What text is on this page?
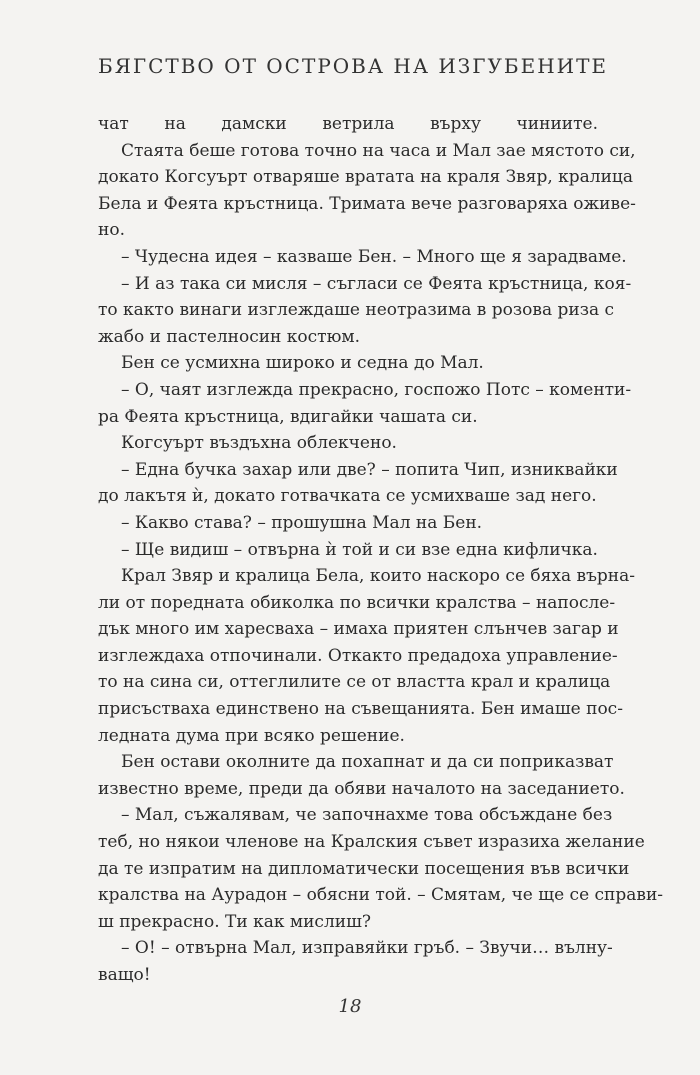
БЯГСТВО ОТ ОСТРОВА НА ИЗГУБЕНИТЕ
чат на дамски ветрила върху чиниите.
Стаята беше готова точно на часа и Мал зае мястото си,
докато Когсуърт отваряше вратата на краля Звяр, кралица
Бела и Феята кръстница. Тримата вече разговаряха оживе-
но.
– Чудесна идея – казваше Бен. – Много ще я зарадваме.
– И аз така си мисля – съгласи се Феята кръстница, коя-
то както винаги изглеждаше неотразима в розова риза с
жабо и пастелносин костюм.
Бен се усмихна широко и седна до Мал.
– О, чаят изглежда прекрасно, госпожо Потс – коменти-
ра Феята кръстница, вдигайки чашата си.
Когсуърт въздъхна облекчено.
– Една бучка захар или две? – попита Чип, изниквайки
до лакътя ѝ, докато готвачката се усмихваше зад него.
– Какво става? – прошушна Мал на Бен.
– Ще видиш – отвърна ѝ той и си взе една кифличка.
Крал Звяр и кралица Бела, които наскоро се бяха върна-
ли от поредната обиколка по всички кралства – напосле-
дък много им харесваха – имаха приятен слънчев загар и
изглеждаха отпочинали. Откакто предадоха управление-
то на сина си, оттеглилите се от властта крал и кралица
присъстваха единствено на съвещанията. Бен имаше пос-
ледната дума при всяко решение.
Бен остави околните да похапнат и да си поприказват
известно време, преди да обяви началото на заседанието.
– Мал, съжалявам, че започнахме това обсъждане без
теб, но някои членове на Кралския съвет изразиха желание
да те изпратим на дипломатически посещения във всички
кралства на Аурадон – обясни той. – Смятам, че ще се справи-
ш прекрасно. Ти как мислиш?
– О! – отвърна Мал, изправяйки гръб. – Звучи… вълну-
ващо!
18
